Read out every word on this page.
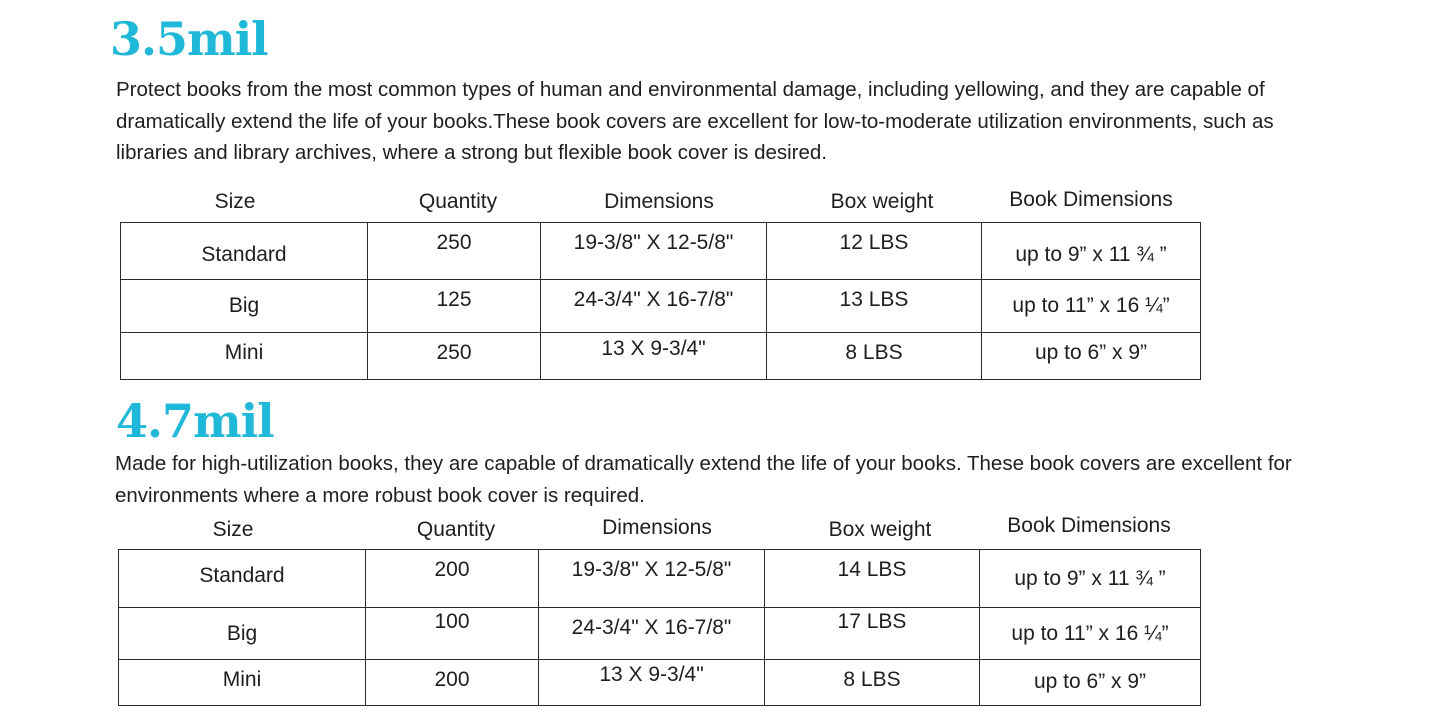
3.5mil
Protect books from the most common types of human and environmental damage, including yellowing, and they are capable of
dramatically extend the life of your books.These book covers are excellent for low-to-moderate utilization environments, such as
libraries and library archives, where a strong but flexible book cover is desired.
Size	Quantity	Dimensions	Box weight	Book Dimensions
Standard	250	19-3/8" X 12-5/8"	12 LBS	up to 9” x 11 ¾ ”

Big	125	24-3/4" X 16-7/8"	13 LBS	up to 11” x 16 ¼”

Mini	250	13 X 9-3/4"	8 LBS	up to 6” x 9”
4.7mil
Made for high-utilization books, they are capable of dramatically extend the life of your books. These book covers are excellent for
environments where a more robust book cover is required.
Size	Quantity	Dimensions	Box weight	Book Dimensions
Standard	200	19-3/8" X 12-5/8"	14 LBS	up to 9” x 11 ¾ ”

Big	100	24-3/4" X 16-7/8"	17 LBS	up to 11” x 16 ¼”

Mini	200	13 X 9-3/4"	8 LBS	up to 6” x 9”
